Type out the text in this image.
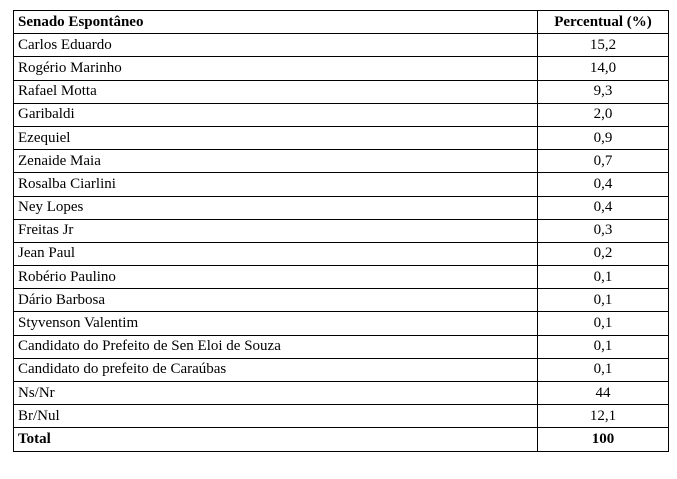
Senado Espontâneo	Percentual (%)
Carlos Eduardo	15,2
Rogério Marinho	14,0
Rafael Motta	9,3
Garibaldi	2,0
Ezequiel	0,9
Zenaide Maia	0,7
Rosalba Ciarlini	0,4
Ney Lopes	0,4
Freitas Jr	0,3
Jean Paul	0,2
Robério Paulino	0,1
Dário Barbosa	0,1
Styvenson Valentim	0,1
Candidato do Prefeito de Sen Eloi de Souza	0,1
Candidato do prefeito de Caraúbas	0,1
Ns/Nr	44
Br/Nul	12,1
Total	100
